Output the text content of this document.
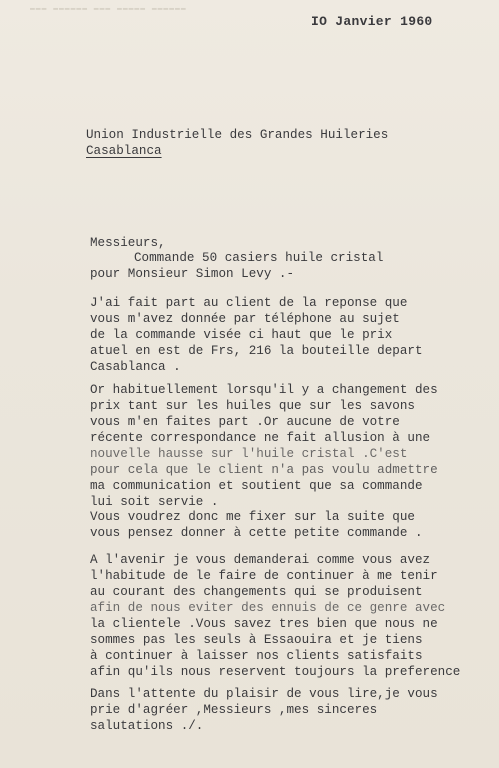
▬▬▬ ▬▬▬▬▬▬ ▬▬▬ ▬▬▬▬▬ ▬▬▬▬▬▬
IO Janvier 1960
Union Industrielle des Grandes Huileries
Casablanca
Messieurs,
Commande 50 casiers huile cristal
pour Monsieur Simon Levy .-
J'ai fait part au client de la reponse que
vous m'avez donnée par téléphone au sujet
de la commande visée ci haut que le prix
atuel en est de Frs, 216 la bouteille depart
Casablanca .
Or habituellement lorsqu'il y a changement des
prix tant sur les huiles que sur les savons
vous m'en faites part .Or aucune de votre
récente correspondance ne fait allusion à une
nouvelle hausse sur l'huile cristal .C'est
pour cela que le client n'a pas voulu admettre
ma communication et soutient que sa commande
lui soit servie .
Vous voudrez donc me fixer sur la suite que
vous pensez donner à cette petite commande .
A l'avenir je vous demanderai comme vous avez
l'habitude de le faire de continuer à me tenir
au courant des changements qui se produisent
afin de nous eviter des ennuis de ce genre avec
la clientele .Vous savez tres bien que nous ne
sommes pas les seuls à Essaouira et je tiens
à continuer à laisser nos clients satisfaits
afin qu'ils nous reservent toujours la preference
Dans l'attente du plaisir de vous lire,je vous
prie d'agréer ,Messieurs ,mes sinceres
salutations ./.
